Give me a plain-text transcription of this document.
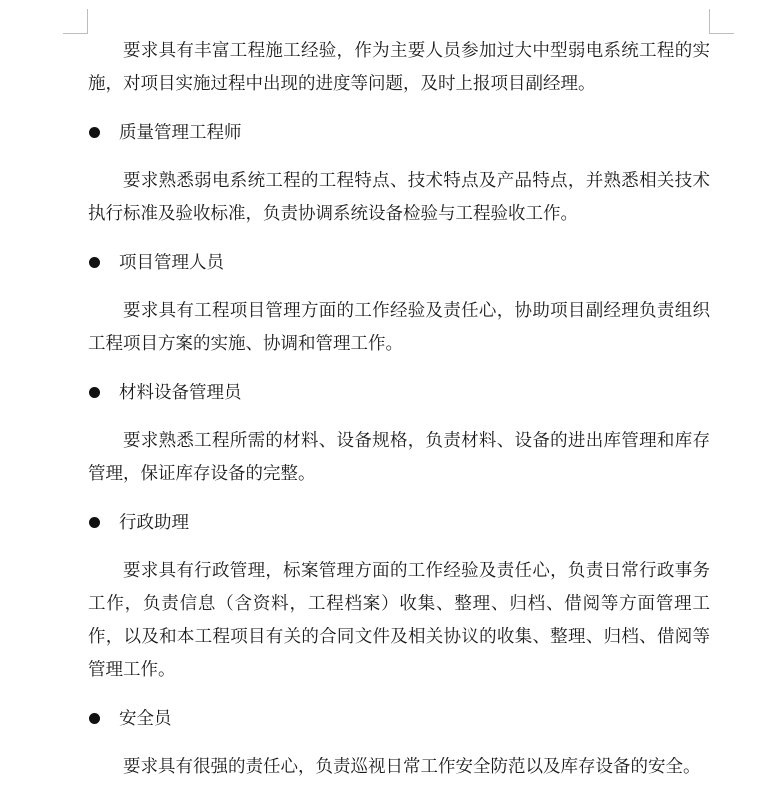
要求具有丰富工程施工经验，作为主要人员参加过大中型弱电系统工程的实施，对项目实施过程中出现的进度等问题，及时上报项目副经理。

质量管理工程师

要求熟悉弱电系统工程的工程特点、技术特点及产品特点，并熟悉相关技术执行标准及验收标准，负责协调系统设备检验与工程验收工作。

项目管理人员

要求具有工程项目管理方面的工作经验及责任心，协助项目副经理负责组织工程项目方案的实施、协调和管理工作。

材料设备管理员

要求熟悉工程所需的材料、设备规格，负责材料、设备的进出库管理和库存管理，保证库存设备的完整。

行政助理

要求具有行政管理，标案管理方面的工作经验及责任心，负责日常行政事务工作，负责信息（含资料，工程档案）收集、整理、归档、借阅等方面管理工作，以及和本工程项目有关的合同文件及相关协议的收集、整理、归档、借阅等管理工作。

安全员

要求具有很强的责任心，负责巡视日常工作安全防范以及库存设备的安全。
